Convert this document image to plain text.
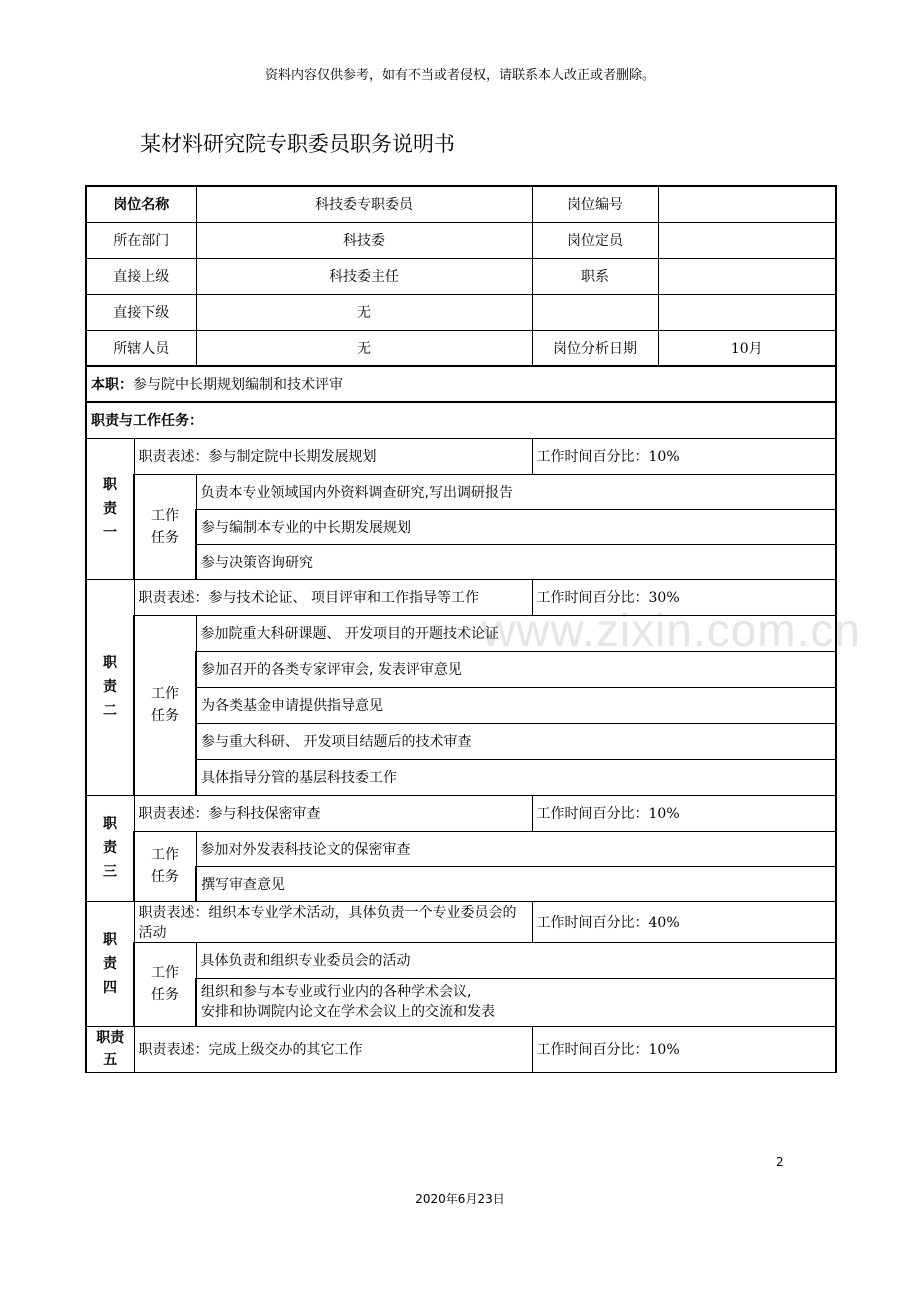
资料内容仅供参考，如有不当或者侵权，请联系本人改正或者删除。
某材料研究院专职委员职务说明书
www.zixin.com.cn
岗位名称		科技委专职委员	岗位编号	
所在部门		科技委	岗位定员	
直接上级		科技委主任	职系	
直接下级		无		
所辖人员		无	岗位分析日期	10月
本职：参与院中长期规划编制和技术评审				
职责与工作任务：				
职责一	职责表述：参与制定院中长期发展规划		工作时间百分比：10%	
	工作任务	负责本专业领域国内外资料调查研究,写出调研报告		
		参与编制本专业的中长期发展规划		
		参与决策咨询研究		
职责二	职责表述：参与技术论证、 项目评审和工作指导等工作		工作时间百分比：30%	
	工作任务	参加院重大科研课题、 开发项目的开题技术论证		
		参加召开的各类专家评审会, 发表评审意见		
		为各类基金申请提供指导意见		
		参与重大科研、 开发项目结题后的技术审查		
		具体指导分管的基层科技委工作		
职责三	职责表述：参与科技保密审查		工作时间百分比：10%	
	工作任务	参加对外发表科技论文的保密审查		
		撰写审查意见		
职责四	职责表述：组织本专业学术活动，具体负责一个专业委员会的活动		工作时间百分比：40%	
	工作任务	具体负责和组织专业委员会的活动		
		组织和参与本专业或行业内的各种学术会议,
安排和协调院内论文在学术会议上的交流和发表		
职责五	职责表述：完成上级交办的其它工作		工作时间百分比：10%	
2
2020年6月23日
